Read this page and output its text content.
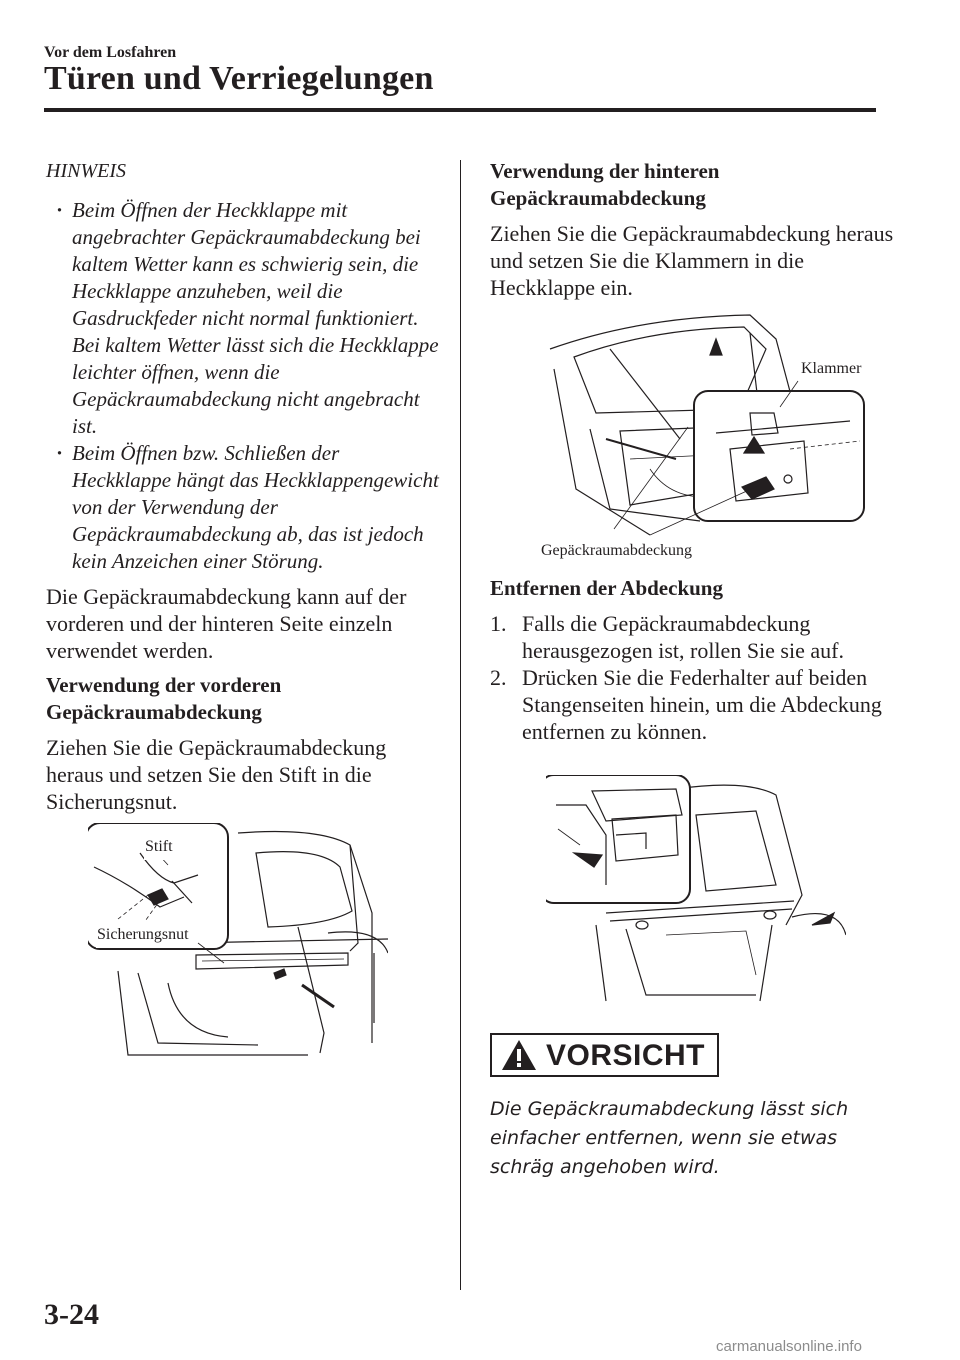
Vor dem Losfahren
Türen und Verriegelungen
HINWEIS
· Beim Öffnen der Heckklappe mit angebrachter Gepäckraumabdeckung bei kaltem Wetter kann es schwierig sein, die Heckklappe anzuheben, weil die Gasdruckfeder nicht normal funktioniert. Bei kaltem Wetter lässt sich die Heckklappe leichter öffnen, wenn die Gepäckraumabdeckung nicht angebracht ist.
· Beim Öffnen bzw. Schließen der Heckklappe hängt das Heckklappengewicht von der Verwendung der Gepäckraumabdeckung ab, das ist jedoch kein Anzeichen einer Störung.

Die Gepäckraumabdeckung kann auf der vorderen und der hinteren Seite einzeln verwendet werden.

Verwendung der vorderen Gepäckraumabdeckung

Ziehen Sie die Gepäckraumabdeckung heraus und setzen Sie den Stift in die Sicherungsnut.

Stift
Sicherungsnut
Verwendung der hinteren Gepäckraumabdeckung

Ziehen Sie die Gepäckraumabdeckung heraus und setzen Sie die Klammern in die Heckklappe ein.

Klammer
Gepäckraumabdeckung
Entfernen der Abdeckung
1. Falls die Gepäckraumabdeckung herausgezogen ist, rollen Sie sie auf.
2. Drücken Sie die Federhalter auf beiden Stangenseiten hinein, um die Abdeckung entfernen zu können.
VORSICHT
Die Gepäckraumabdeckung lässt sich einfacher entfernen, wenn sie etwas schräg angehoben wird.
3-24
carmanualsonline.info
